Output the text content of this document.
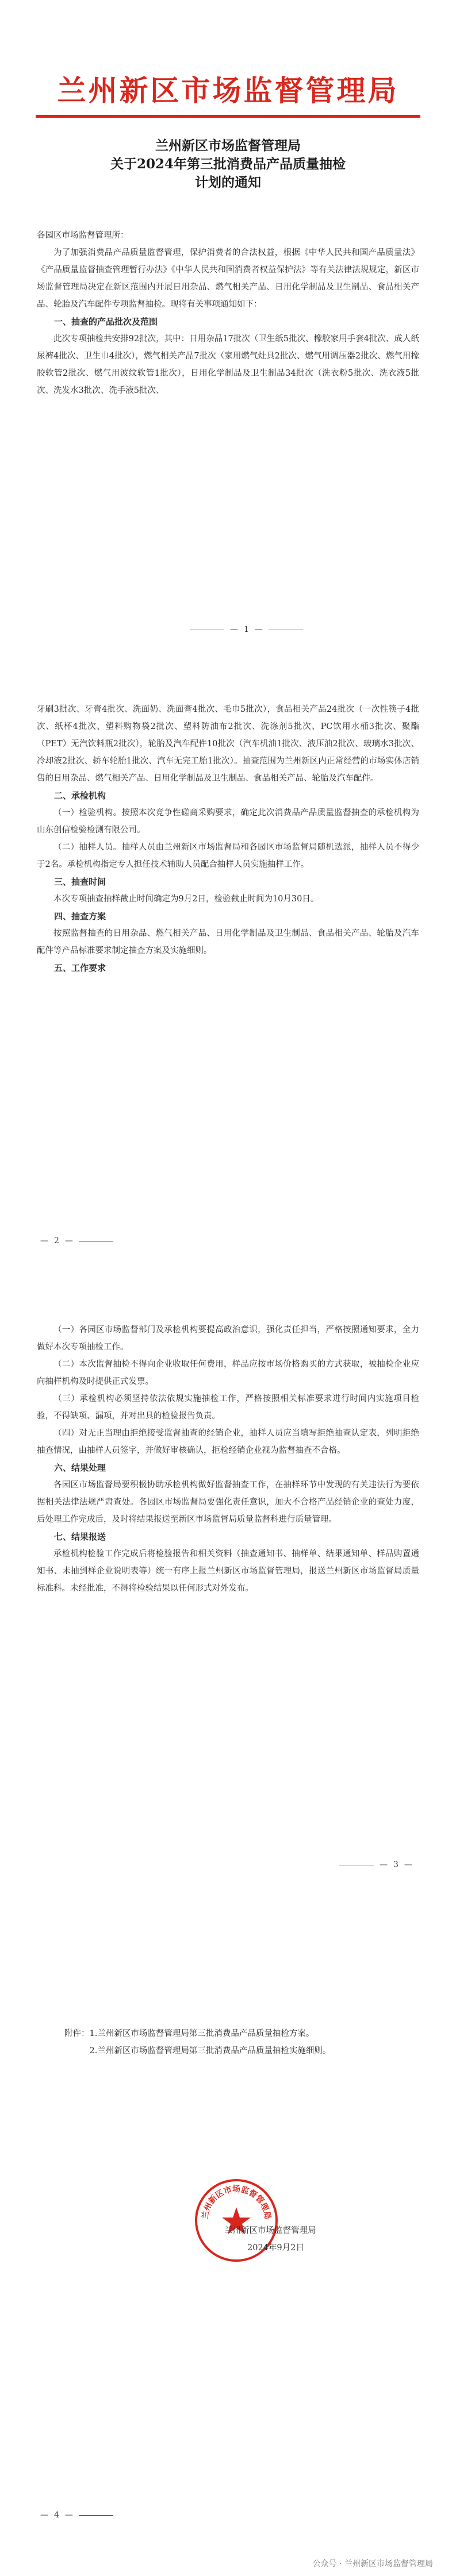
兰州新区市场监督管理局
兰州新区市场监督管理局
关于2024年第三批消费品产品质量抽检
计划的通知

各园区市场监督管理所：

为了加强消费品产品质量监督管理，保护消费者的合法权益，根据《中华人民共和国产品质量法》《产品质量监督抽查管理暂行办法》《中华人民共和国消费者权益保护法》等有关法律法规规定，新区市场监督管理局决定在新区范围内开展日用杂品、燃气相关产品、日用化学制品及卫生制品、食品相关产品、轮胎及汽车配件专项监督抽检。现将有关事项通知如下：

一、抽查的产品批次及范围

此次专项抽检共安排92批次，其中：日用杂品17批次（卫生纸5批次、橡胶家用手套4批次、成人纸尿裤4批次、卫生巾4批次），燃气相关产品7批次（家用燃气灶具2批次、燃气用调压器2批次、燃气用橡胶软管2批次、燃气用波纹软管1批次），日用化学制品及卫生制品34批次（洗衣粉5批次、洗衣液5批次、洗发水3批次、洗手液5批次、

— 1 —

牙刷3批次、牙膏4批次、洗面奶、洗面膏4批次、毛巾5批次），食品相关产品24批次（一次性筷子4批次、纸杯4批次、塑料购物袋2批次、塑料防油布2批次、洗涤剂5批次、PC饮用水桶3批次、聚酯（PET）无汽饮料瓶2批次），轮胎及汽车配件10批次（汽车机油1批次、液压油2批次、玻璃水3批次、冷却液2批次、轿车轮胎1批次、汽车无完工胎1批次）。抽查范围为兰州新区内正常经营的市场实体店销售的日用杂品、燃气相关产品、日用化学制品及卫生制品、食品相关产品、轮胎及汽车配件。

二、承检机构

（一）检验机构。按照本次竞争性磋商采购要求，确定此次消费品产品质量监督抽查的承检机构为山东创信检验检测有限公司。

（二）抽样人员。抽样人员由兰州新区市场监督局和各园区市场监督局随机选派，抽样人员不得少于2名。承检机构指定专人担任技术辅助人员配合抽样人员实施抽样工作。

三、抽查时间

本次专项抽查抽样截止时间确定为9月2日，检验截止时间为10月30日。

四、抽查方案

按照监督抽查的日用杂品、燃气相关产品、日用化学制品及卫生制品、食品相关产品、轮胎及汽车配件等产品标准要求制定抽查方案及实施细则。

五、工作要求

— 2 —

（一）各园区市场监督部门及承检机构要提高政治意识，强化责任担当，严格按照通知要求，全力做好本次专项抽检工作。

（二）本次监督抽检不得向企业收取任何费用，样品应按市场价格购买的方式获取，被抽检企业应向抽样机构及时提供正式发票。

（三）承检机构必须坚持依法依规实施抽检工作，严格按照相关标准要求进行时间内实施项目检验，不得缺项、漏项，并对出具的检验报告负责。

（四）对无正当理由拒绝接受监督抽查的经销企业，抽样人员应当填写拒绝抽查认定表，列明拒绝抽查情况，由抽样人员签字，并做好审核确认，拒检经销企业视为监督抽查不合格。

六、结果处理

各园区市场监督局要积极协助承检机构做好监督抽查工作，在抽样环节中发现的有关违法行为要依据相关法律法规严肃查处。各园区市场监督局要强化责任意识，加大不合格产品经销企业的查处力度，后处理工作完成后，及时将结果报送至新区市场监督局质量监督科进行质量管理。

七、结果报送

承检机构检验工作完成后将检验报告和相关资料（抽查通知书、抽样单、结果通知单、样品购置通知书、未抽到样企业说明表等）统一有序上报兰州新区市场监督管理局，报送兰州新区市场监督局质量标准科。未经批准，不得将检验结果以任何形式对外发布。

— 3 —
附件： 1.兰州新区市场监督管理局第三批消费品产品质量抽检方案。
2.兰州新区市场监督管理局第三批消费品产品质量抽检实施细则。
兰州新区市场监督管理局
兰州新区市场监督管理局
2024年9月2日
— 4 —
公众号 · 兰州新区市场监督管理局
